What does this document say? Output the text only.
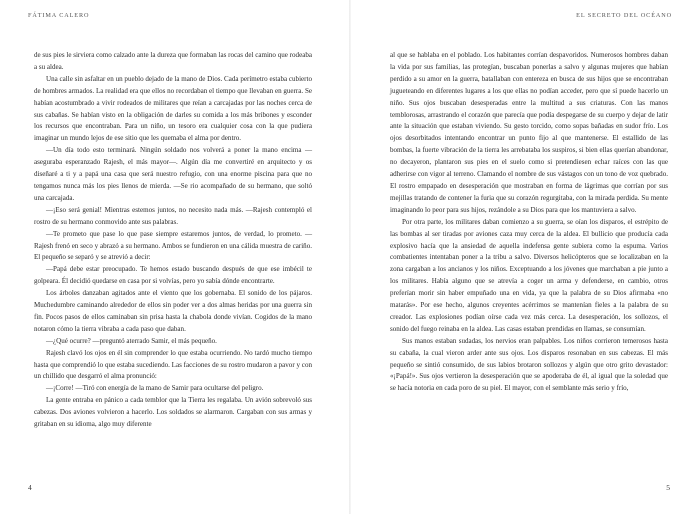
FÁTIMA CALERO

de sus pies le sirviera como calzado ante la dureza que formaban las rocas del camino que rodeaba a su aldea.

Una calle sin asfaltar en un pueblo dejado de la mano de Dios. Cada perímetro estaba cubierto de hombres armados. La realidad era que ellos no recordaban el tiempo que llevaban en guerra. Se habían acostumbrado a vivir rodeados de militares que reían a carcajadas por las noches cerca de sus cabañas. Se habían visto en la obligación de darles su comida a los más bribones y esconder los recursos que encontraban. Para un niño, un tesoro era cualquier cosa con la que pudiera imaginar un mundo lejos de ese sitio que les quemaba el alma por dentro.

—Un día todo esto terminará. Ningún soldado nos volverá a poner la mano encima —aseguraba esperanzado Rajesh, el más mayor—. Algún día me convertiré en arquitecto y os diseñaré a ti y a papá una casa que será nuestro refugio, con una enorme piscina para que no tengamos nunca más los pies llenos de mierda. —Se rio acompañado de su hermano, que soltó una carcajada.

—¡Eso será genial! Mientras estemos juntos, no necesito nada más. —Rajesh contempló el rostro de su hermano conmovido ante sus palabras.

—Te prometo que pase lo que pase siempre estaremos juntos, de verdad, lo prometo. —Rajesh frenó en seco y abrazó a su hermano. Ambos se fundieron en una cálida muestra de cariño. El pequeño se separó y se atrevió a decir:

—Papá debe estar preocupado. Te hemos estado buscando después de que ese imbécil te golpeara. Él decidió quedarse en casa por si volvías, pero yo sabía dónde encontrarte.

Los árboles danzaban agitados ante el viento que los gobernaba. El sonido de los pájaros. Muchedumbre caminando alrededor de ellos sin poder ver a dos almas heridas por una guerra sin fin. Pocos pasos de ellos caminaban sin prisa hasta la chabola donde vivían. Cogidos de la mano notaron cómo la tierra vibraba a cada paso que daban.

—¿Qué ocurre? —preguntó aterrado Samir, el más pequeño.

Rajesh clavó los ojos en él sin comprender lo que estaba ocurriendo. No tardó mucho tiempo hasta que comprendió lo que estaba sucediendo. Las facciones de su rostro mudaron a pavor y con un chillido que desgarró el alma pronunció:

—¡Corre! —Tiró con energía de la mano de Samir para ocultarse del peligro.

La gente entraba en pánico a cada temblor que la Tierra les regalaba. Un avión sobrevoló sus cabezas. Dos aviones volvieron a hacerlo. Los soldados se alarmaron. Cargaban con sus armas y gritaban en su idioma, algo muy diferente

4
EL SECRETO DEL OCÉANO

al que se hablaba en el poblado. Los habitantes corrían despavoridos. Numerosos hombres daban la vida por sus familias, las protegían, buscaban ponerlas a salvo y algunas mujeres que habían perdido a su amor en la guerra, batallaban con entereza en busca de sus hijos que se encontraban jugueteando en diferentes lugares a los que ellas no podían acceder, pero que sí puede hacerlo un niño. Sus ojos buscaban desesperadas entre la multitud a sus criaturas. Con las manos temblorosas, arrastrando el corazón que parecía que podía despegarse de su cuerpo y dejar de latir ante la situación que estaban viviendo. Su gesto torcido, como sopas bañadas en sudor frío. Los ojos desorbitados intentando encontrar un punto fijo al que mantenerse. El estallido de las bombas, la fuerte vibración de la tierra les arrebataba los suspiros, si bien ellas querían abandonar, no decayeron, plantaron sus pies en el suelo como si pretendiesen echar raíces con las que adherirse con vigor al terreno. Clamando el nombre de sus vástagos con un tono de voz quebrado. El rostro empapado en desesperación que mostraban en forma de lágrimas que corrían por sus mejillas tratando de contener la furia que su corazón regurgitaba, con la mirada perdida. Su mente imaginando lo peor para sus hijos, rezándole a su Dios para que los mantuviera a salvo.

Por otra parte, los militares daban comienzo a su guerra, se oían los disparos, el estrépito de las bombas al ser tiradas por aviones caza muy cerca de la aldea. El bullicio que producía cada explosivo hacía que la ansiedad de aquella indefensa gente subiera como la espuma. Varios combatientes intentaban poner a la tribu a salvo. Diversos helicópteros que se localizaban en la zona cargaban a los ancianos y los niños. Exceptuando a los jóvenes que marchaban a pie junto a los militares. Había alguno que se atrevía a coger un arma y defenderse, en cambio, otros preferían morir sin haber empuñado una en vida, ya que la palabra de su Dios afirmaba «no matarás». Por ese hecho, algunos creyentes acérrimos se mantenían fieles a la palabra de su creador. Las explosiones podían oírse cada vez más cerca. La desesperación, los sollozos, el sonido del fuego reinaba en la aldea. Las casas estaban prendidas en llamas, se consumían.

Sus manos estaban sudadas, los nervios eran palpables. Los niños corrieron temerosos hasta su cabaña, la cual vieron arder ante sus ojos. Los disparos resonaban en sus cabezas. El más pequeño se sintió consumido, de sus labios brotaron sollozos y algún que otro grito devastador: «¡Papá!». Sus ojos vertieron la desesperación que se apoderaba de él, al igual que la soledad que se hacía notoria en cada poro de su piel. El mayor, con el semblante más serio y frío,

5
